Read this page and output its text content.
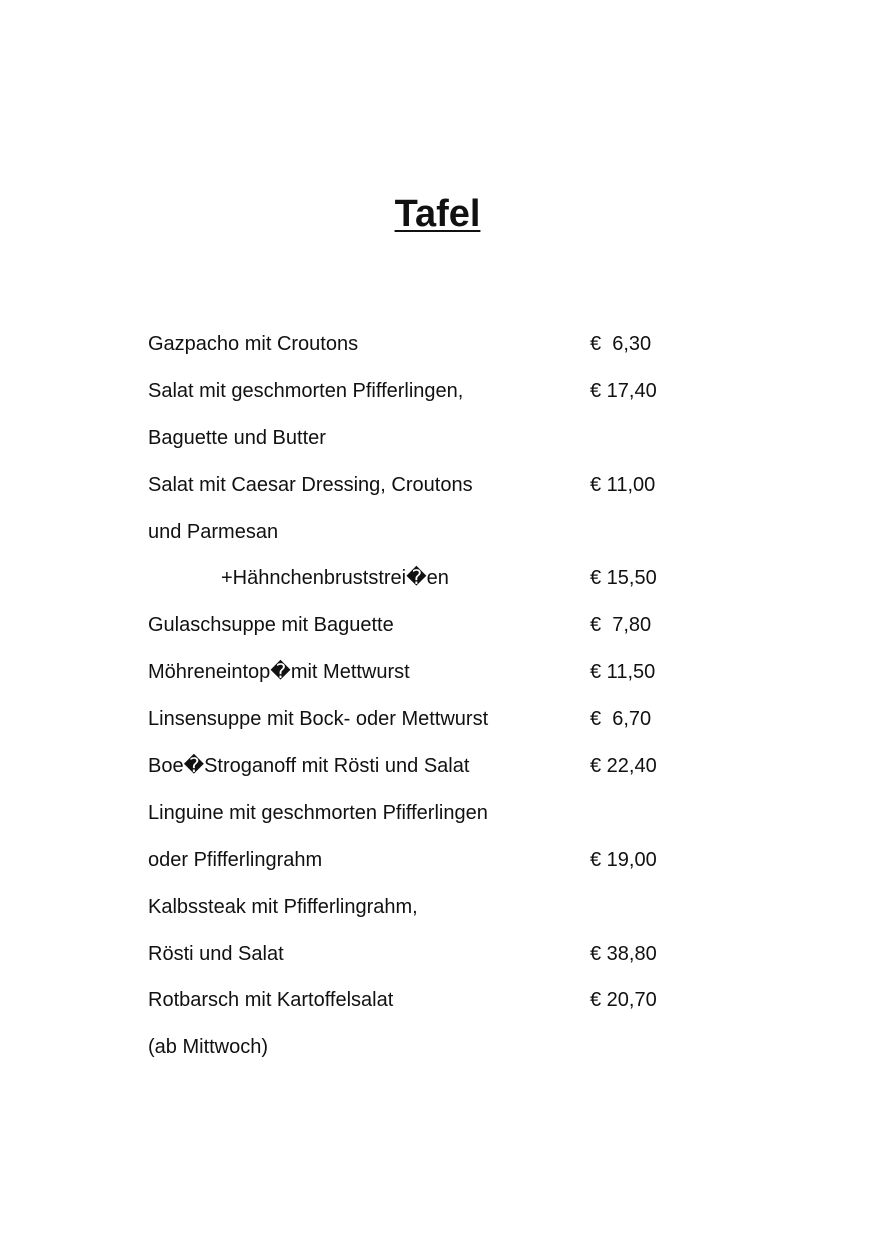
Tafel
Gazpacho mit Croutons	€  6,30
Salat mit geschmorten Pfifferlingen,	€ 17,40
Baguette und Butter
Salat mit Caesar Dressing, Croutons	€ 11,00
und Parmesan
+Hähnchenbruststrei�en	€ 15,50
Gulaschsuppe mit Baguette	€  7,80
Möhreneintop�mit Mettwurst	€ 11,50
Linsensuppe mit Bock- oder Mettwurst	€  6,70
Boe�Stroganoff mit Rösti und Salat	€ 22,40
Linguine mit geschmorten Pfifferlingen
oder Pfifferlingrahm	€ 19,00
Kalbssteak mit Pfifferlingrahm,
Rösti und Salat	€ 38,80
Rotbarsch mit Kartoffelsalat	€ 20,70
(ab Mittwoch)
